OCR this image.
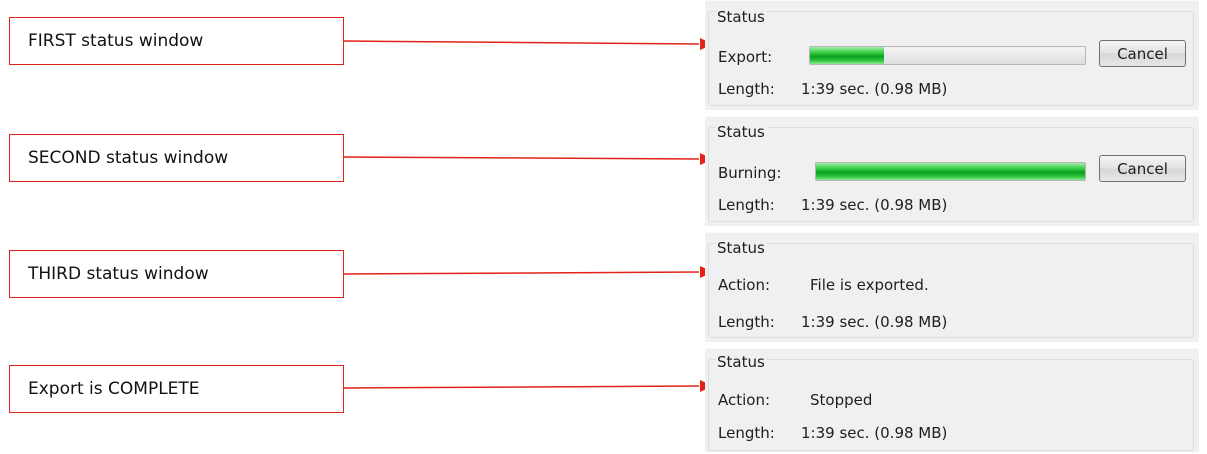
FIRST status window
SECOND status window
THIRD status window
Export is COMPLETE
Status
Export:	Cancel
Length: 1:39 sec. (0.98 MB)
Status
Burning:	Cancel
Length: 1:39 sec. (0.98 MB)
Status
Action:	File is exported.
Length: 1:39 sec. (0.98 MB)
Status
Action:	Stopped
Length: 1:39 sec. (0.98 MB)
